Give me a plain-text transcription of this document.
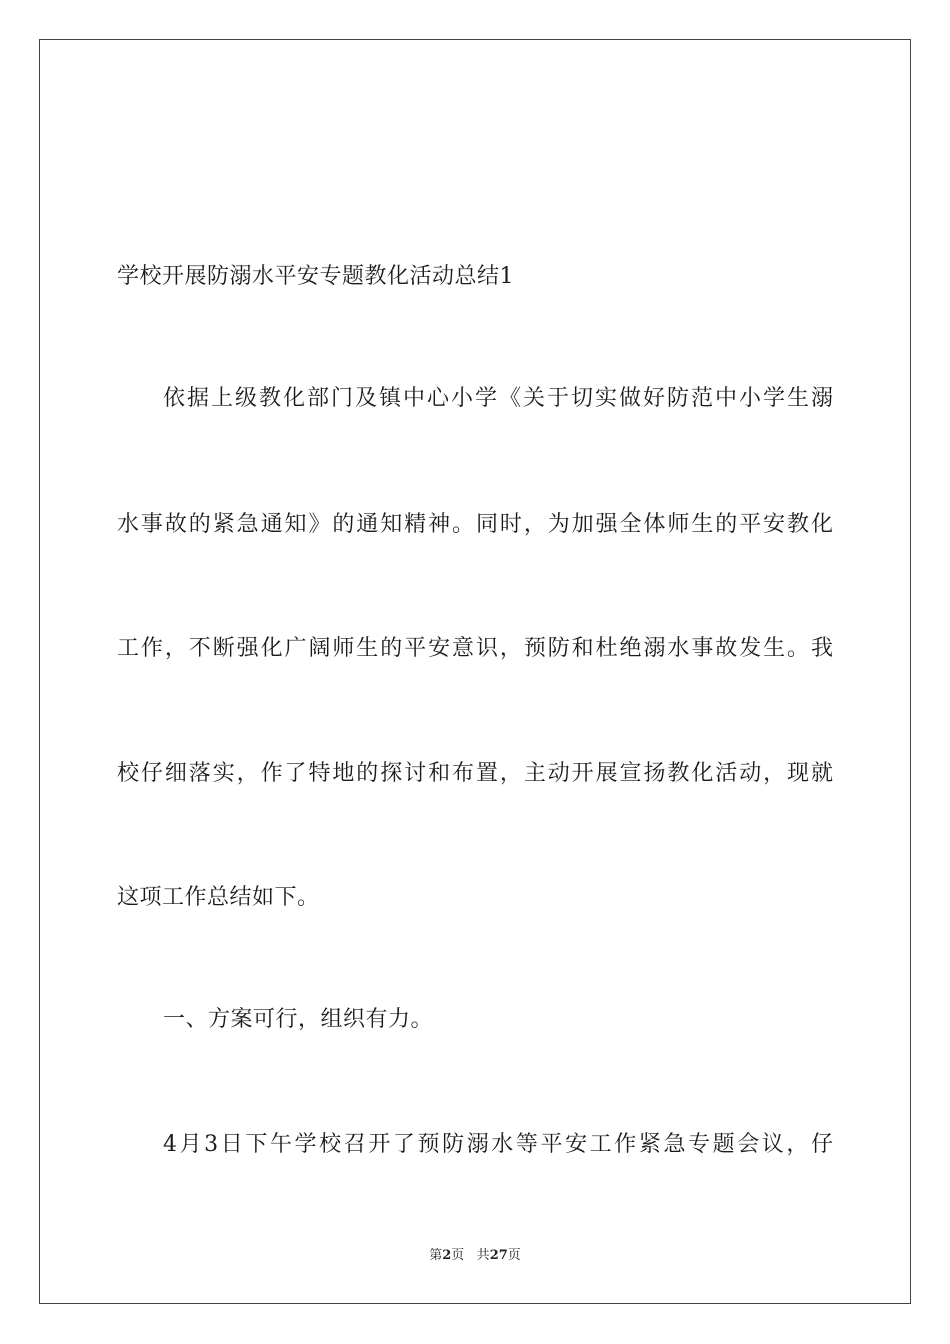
学校开展防溺水平安专题教化活动总结1
依据上级教化部门及镇中心小学《关于切实做好防范中小学生溺
水事故的紧急通知》的通知精神。同时，为加强全体师生的平安教化
工作，不断强化广阔师生的平安意识，预防和杜绝溺水事故发生。我
校仔细落实，作了特地的探讨和布置，主动开展宣扬教化活动，现就
这项工作总结如下。
一、方案可行，组织有力。
4月3日下午学校召开了预防溺水等平安工作紧急专题会议，仔
第2页 共27页
